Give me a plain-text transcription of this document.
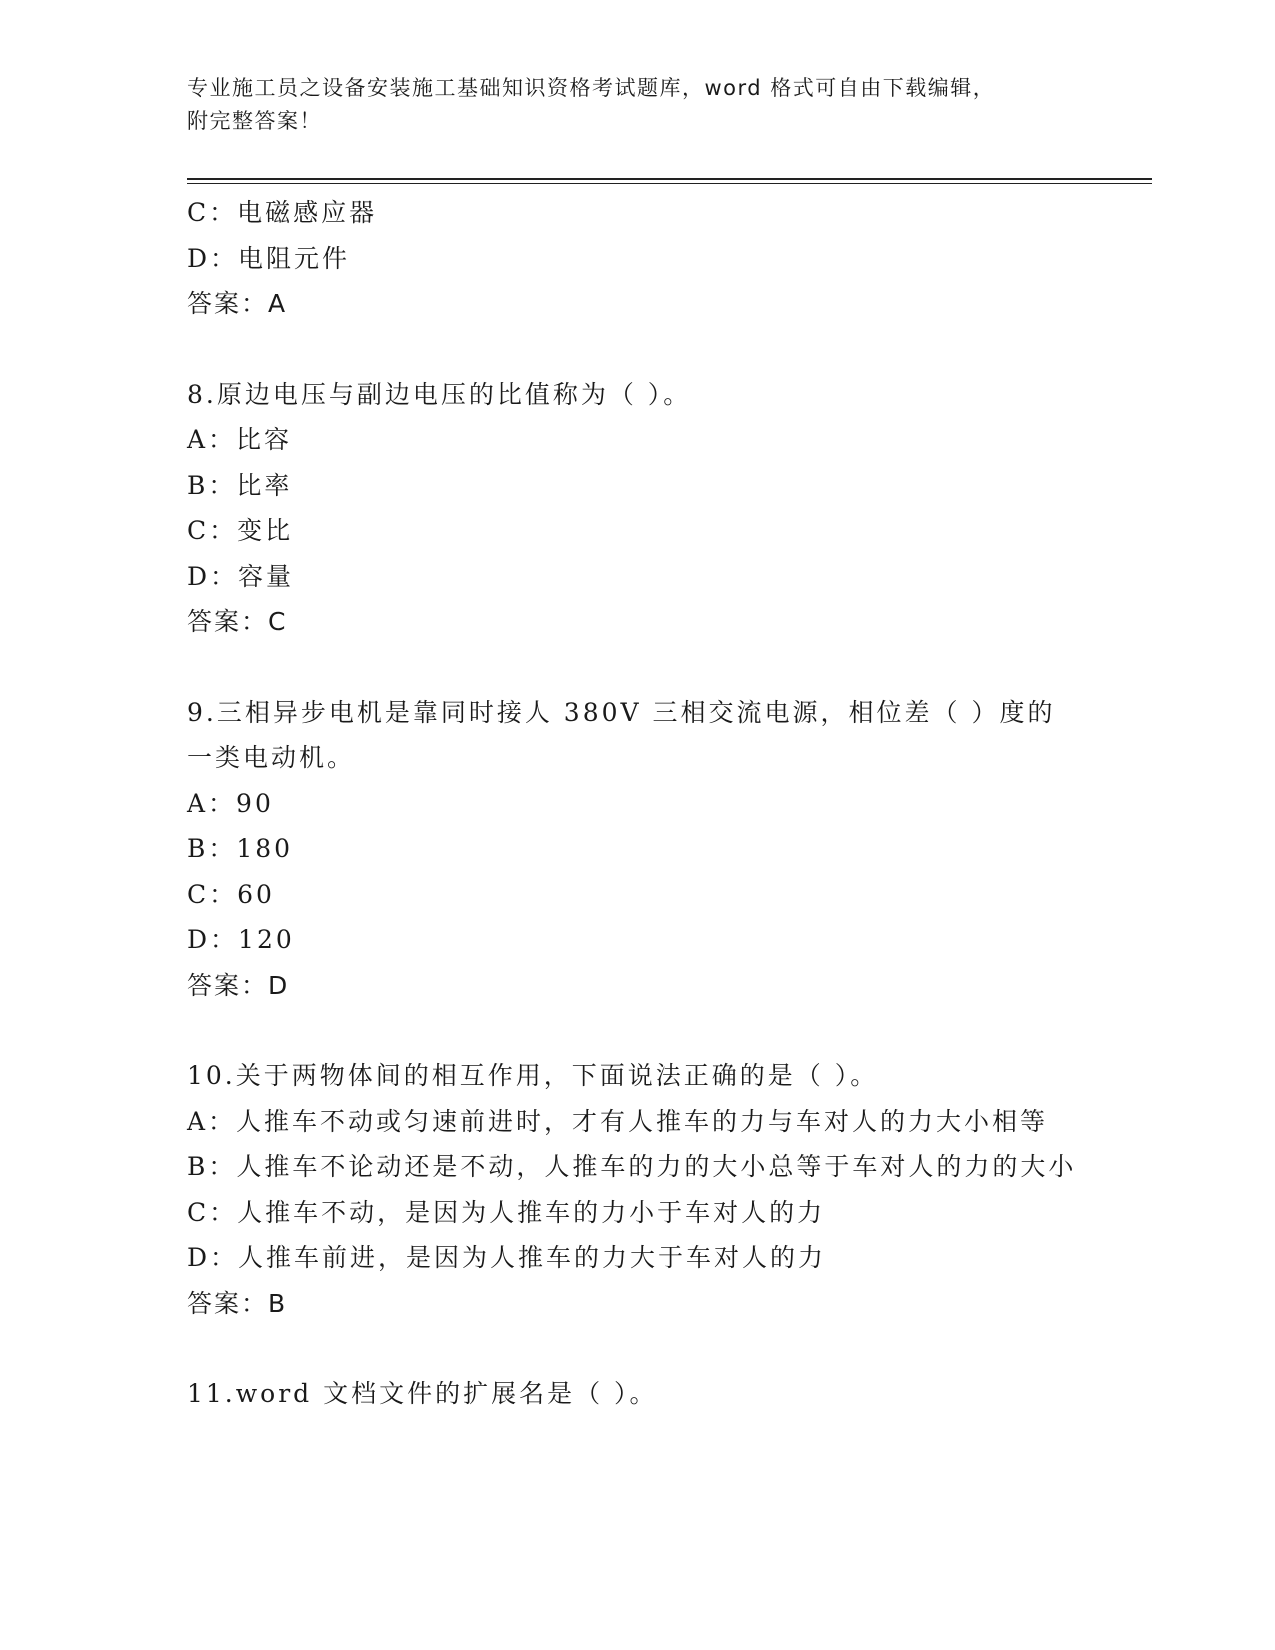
专业施工员之设备安装施工基础知识资格考试题库，word 格式可自由下载编辑，
附完整答案！
C：电磁感应器
D：电阻元件
答案：A
8.原边电压与副边电压的比值称为（ ）。
A：比容
B：比率
C：变比
D：容量
答案：C
9.三相异步电机是靠同时接人 380V 三相交流电源，相位差（ ）度的一类电动机。
A：90
B：180
C：60
D：120
答案：D
10.关于两物体间的相互作用，下面说法正确的是（ ）。
A：人推车不动或匀速前进时，才有人推车的力与车对人的力大小相等
B：人推车不论动还是不动，人推车的力的大小总等于车对人的力的大小
C：人推车不动，是因为人推车的力小于车对人的力
D：人推车前进，是因为人推车的力大于车对人的力
答案：B
11.word 文档文件的扩展名是（ ）。
